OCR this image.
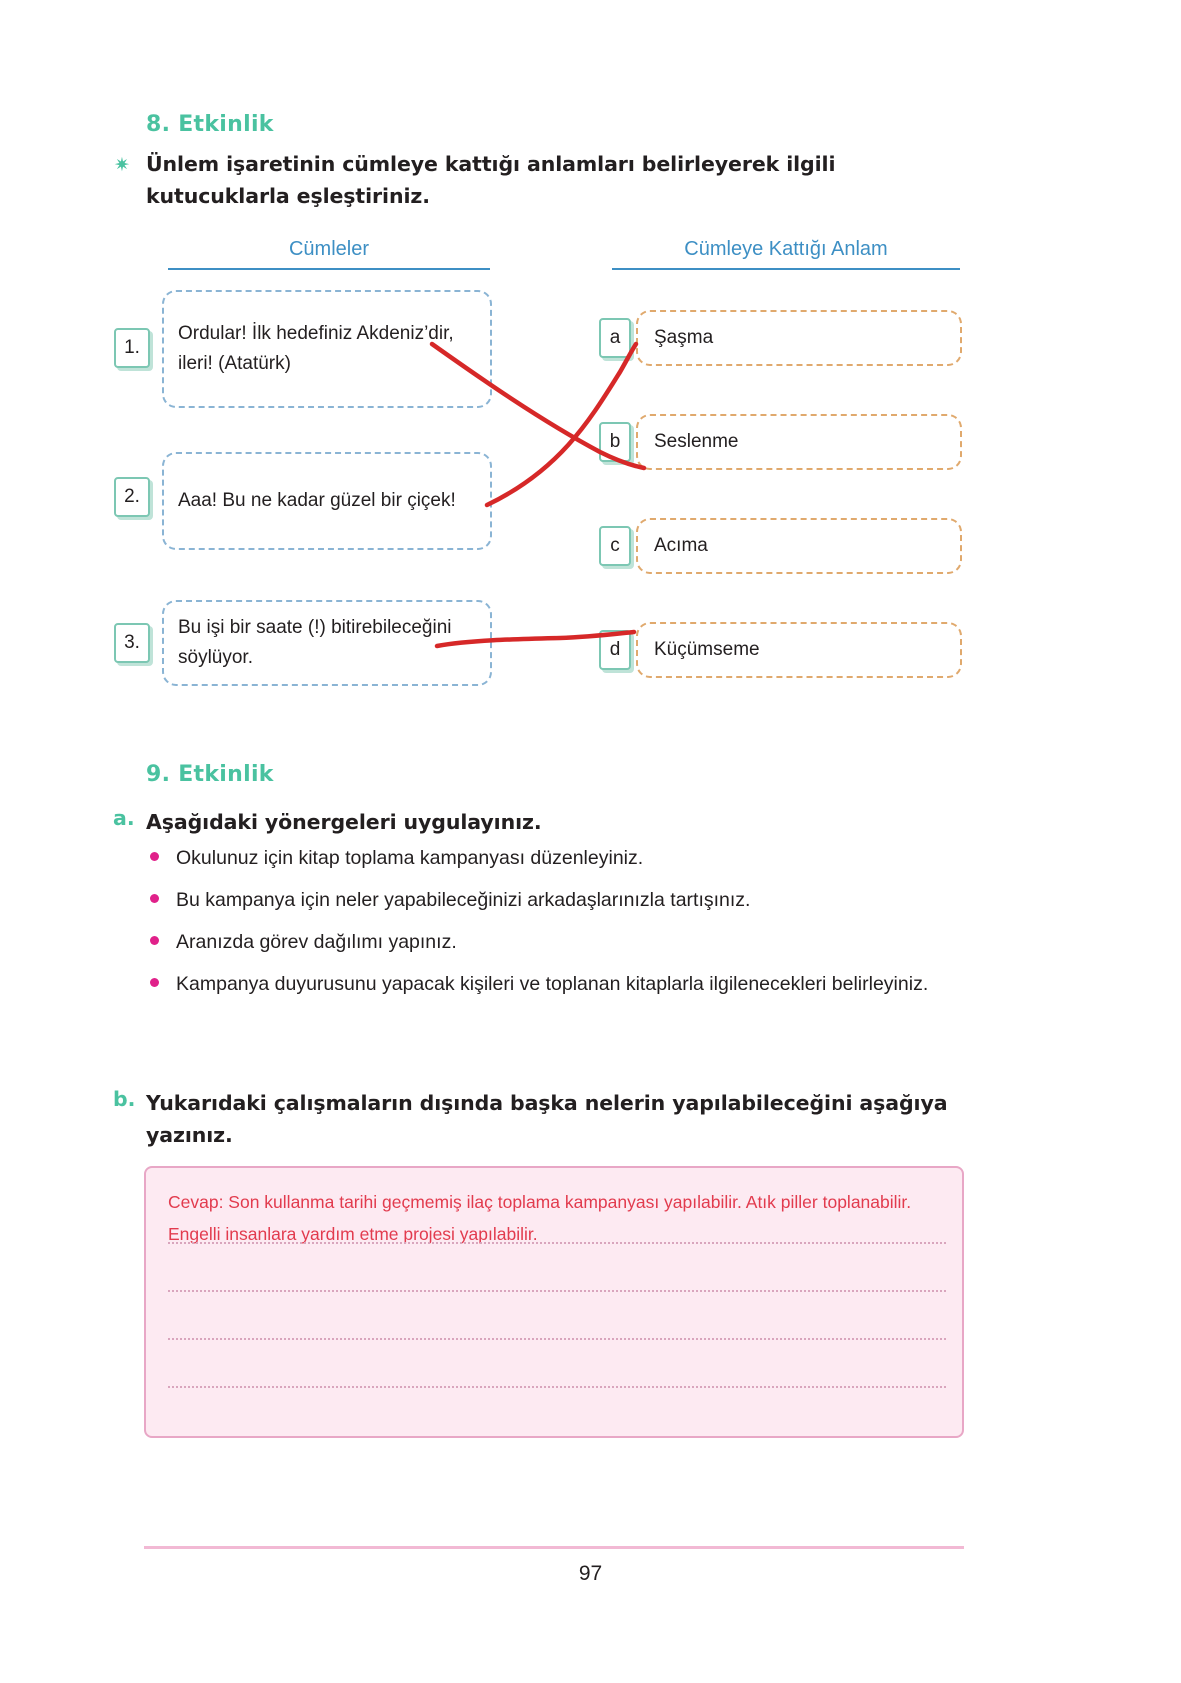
8. Etkinlik
✷ Ünlem işaretinin cümleye kattığı anlamları belirleyerek ilgili kutucuklarla eşleştiriniz.
Cümleler	Cümleye Kattığı Anlam
1.
Ordular! İlk hedefiniz Akdeniz’dir, ileri! (Atatürk)
2.	Aaa! Bu ne kadar güzel bir çiçek!
3.
Bu işi bir saate (!) bitirebileceğini söylüyor.
a	Şaşma
b	Seslenme
c	Acıma
d	Küçümseme
9. Etkinlik
a. Aşağıdaki yönergeleri uygulayınız.
Okulunuz için kitap toplama kampanyası düzenleyiniz.
Bu kampanya için neler yapabileceğinizi arkadaşlarınızla tartışınız.
Aranızda görev dağılımı yapınız.
Kampanya duyurusunu yapacak kişileri ve toplanan kitaplarla ilgilenecekleri belirleyiniz.
b. Yukarıdaki çalışmaların dışında başka nelerin yapılabileceğini aşağıya yazınız.
Cevap: Son kullanma tarihi geçmemiş ilaç toplama kampanyası yapılabilir. Atık piller toplanabilir. Engelli insanlara yardım etme projesi yapılabilir.
97
